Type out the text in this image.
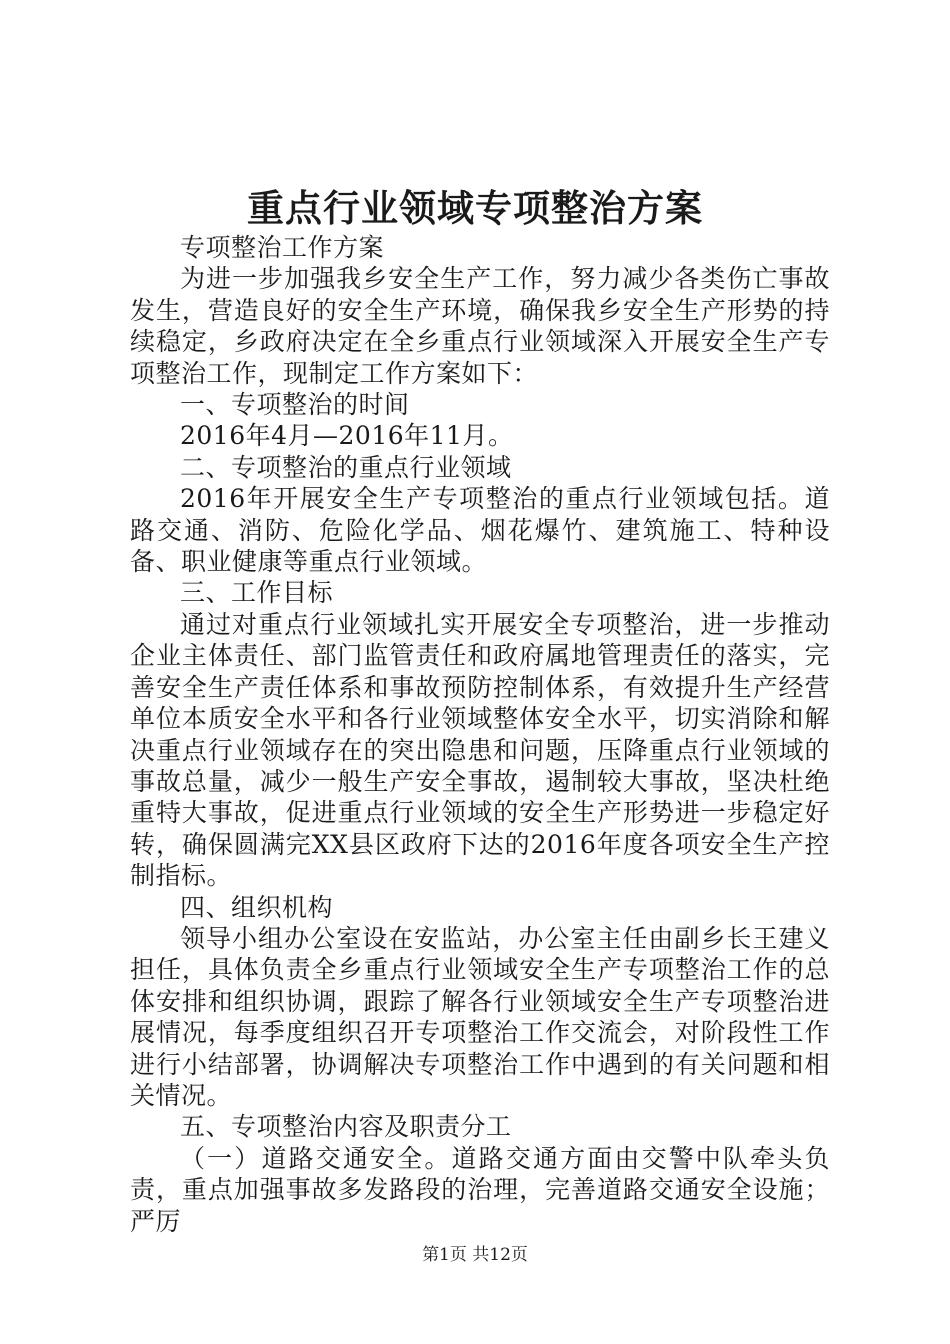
重点行业领域专项整治方案

专项整治工作方案

为进一步加强我乡安全生产工作，努力减少各类伤亡事故发生，营造良好的安全生产环境，确保我乡安全生产形势的持续稳定，乡政府决定在全乡重点行业领域深入开展安全生产专项整治工作，现制定工作方案如下：

一、专项整治的时间

2016年4月—2016年11月。

二、专项整治的重点行业领域

2016年开展安全生产专项整治的重点行业领域包括。道路交通、消防、危险化学品、烟花爆竹、建筑施工、特种设备、职业健康等重点行业领域。

三、工作目标

通过对重点行业领域扎实开展安全专项整治，进一步推动企业主体责任、部门监管责任和政府属地管理责任的落实，完善安全生产责任体系和事故预防控制体系，有效提升生产经营单位本质安全水平和各行业领域整体安全水平，切实消除和解决重点行业领域存在的突出隐患和问题，压降重点行业领域的事故总量，减少一般生产安全事故，遏制较大事故，坚决杜绝重特大事故，促进重点行业领域的安全生产形势进一步稳定好转，确保圆满完XX县区政府下达的2016年度各项安全生产控制指标。

四、组织机构

领导小组办公室设在安监站，办公室主任由副乡长王建义担任，具体负责全乡重点行业领域安全生产专项整治工作的总体安排和组织协调，跟踪了解各行业领域安全生产专项整治进展情况，每季度组织召开专项整治工作交流会，对阶段性工作进行小结部署，协调解决专项整治工作中遇到的有关问题和相关情况。

五、专项整治内容及职责分工

（一）道路交通安全。道路交通方面由交警中队牵头负责，重点加强事故多发路段的治理，完善道路交通安全设施；严厉

第1页 共12页
